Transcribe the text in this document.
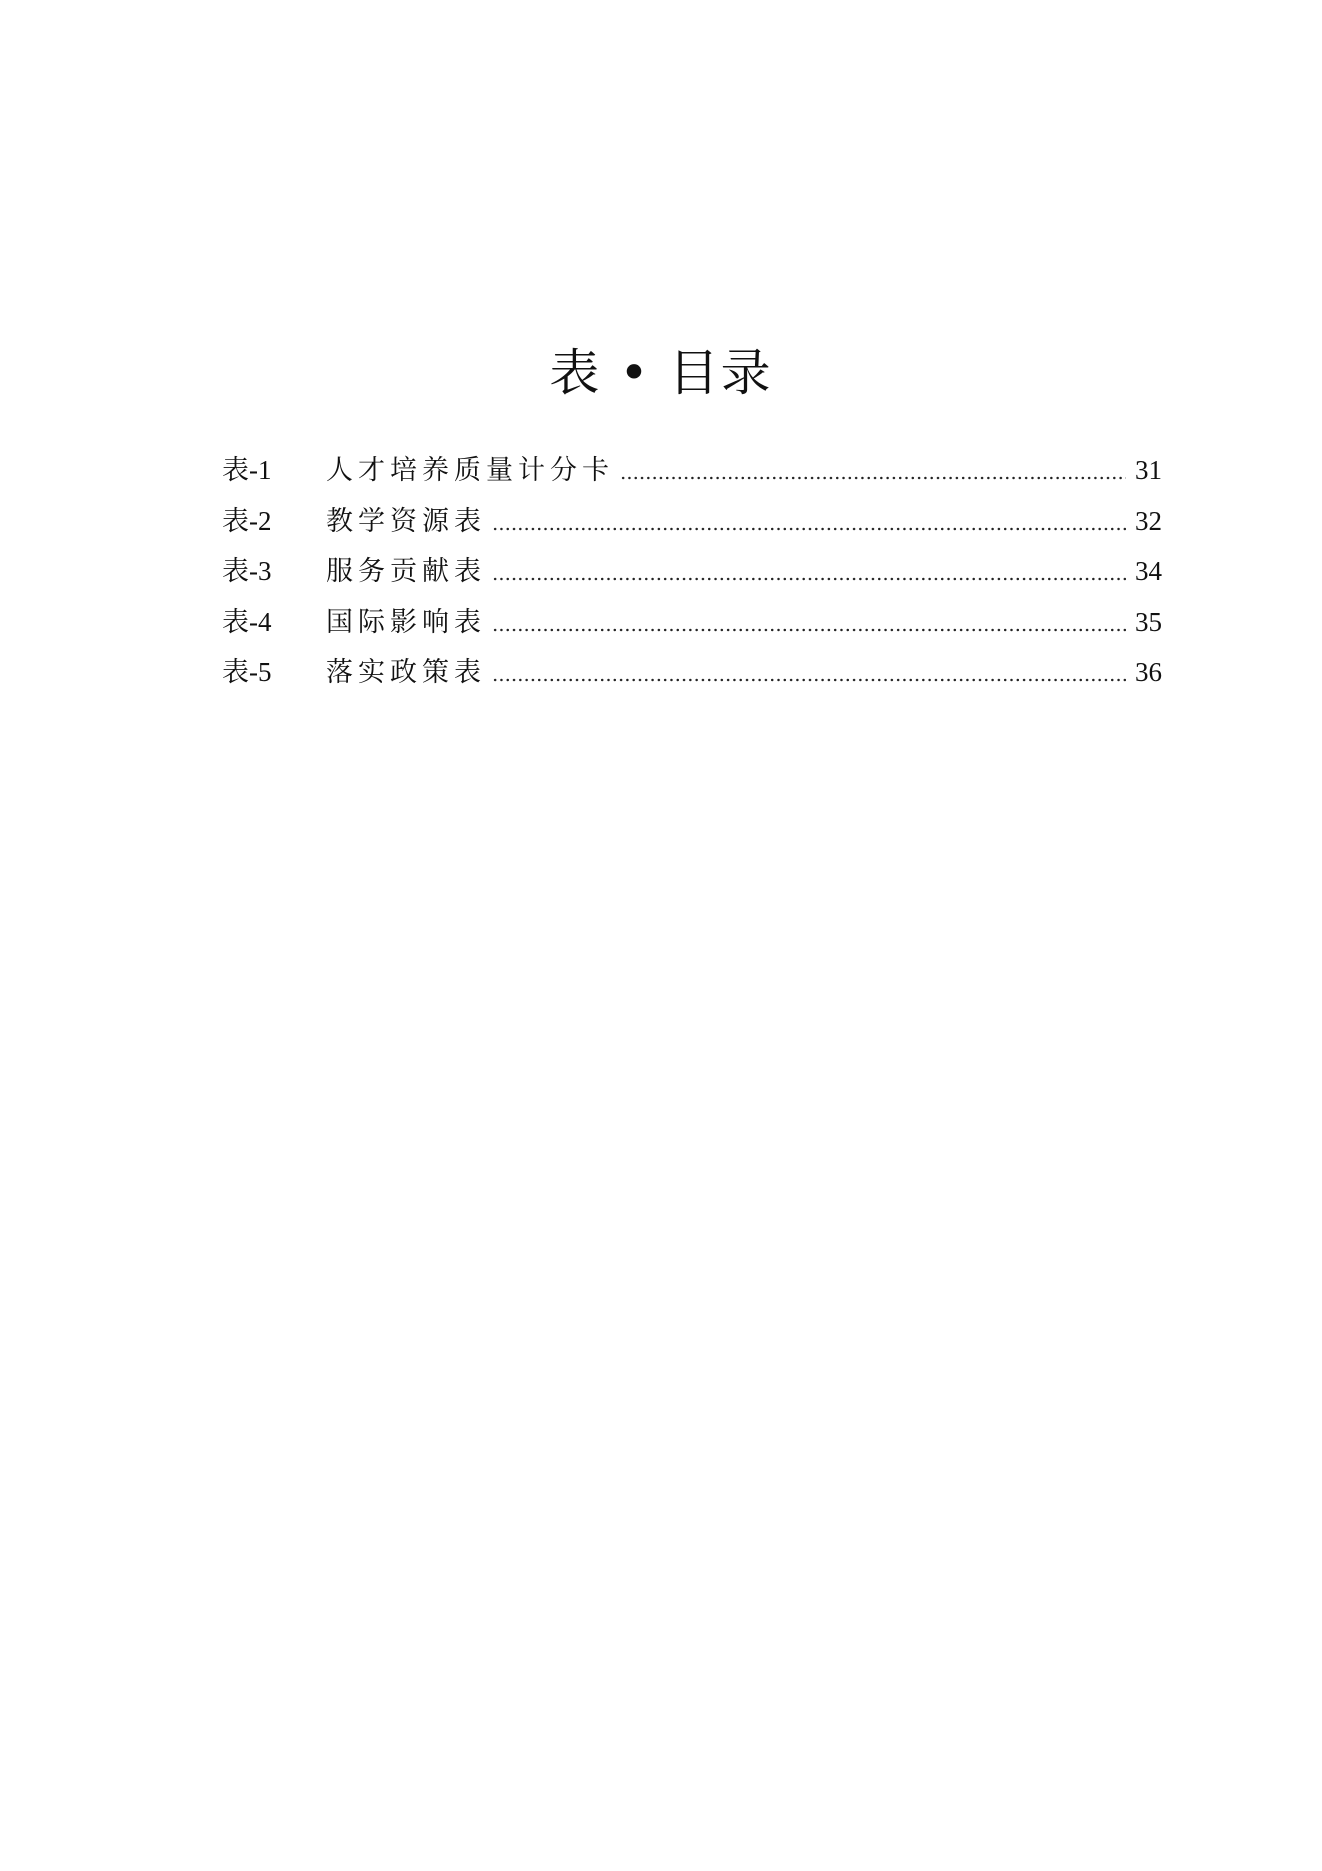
表 • 目录
表-1	人才培养质量计分卡	31
表-2	教学资源表	32
表-3	服务贡献表	34
表-4	国际影响表	35
表-5	落实政策表	36
